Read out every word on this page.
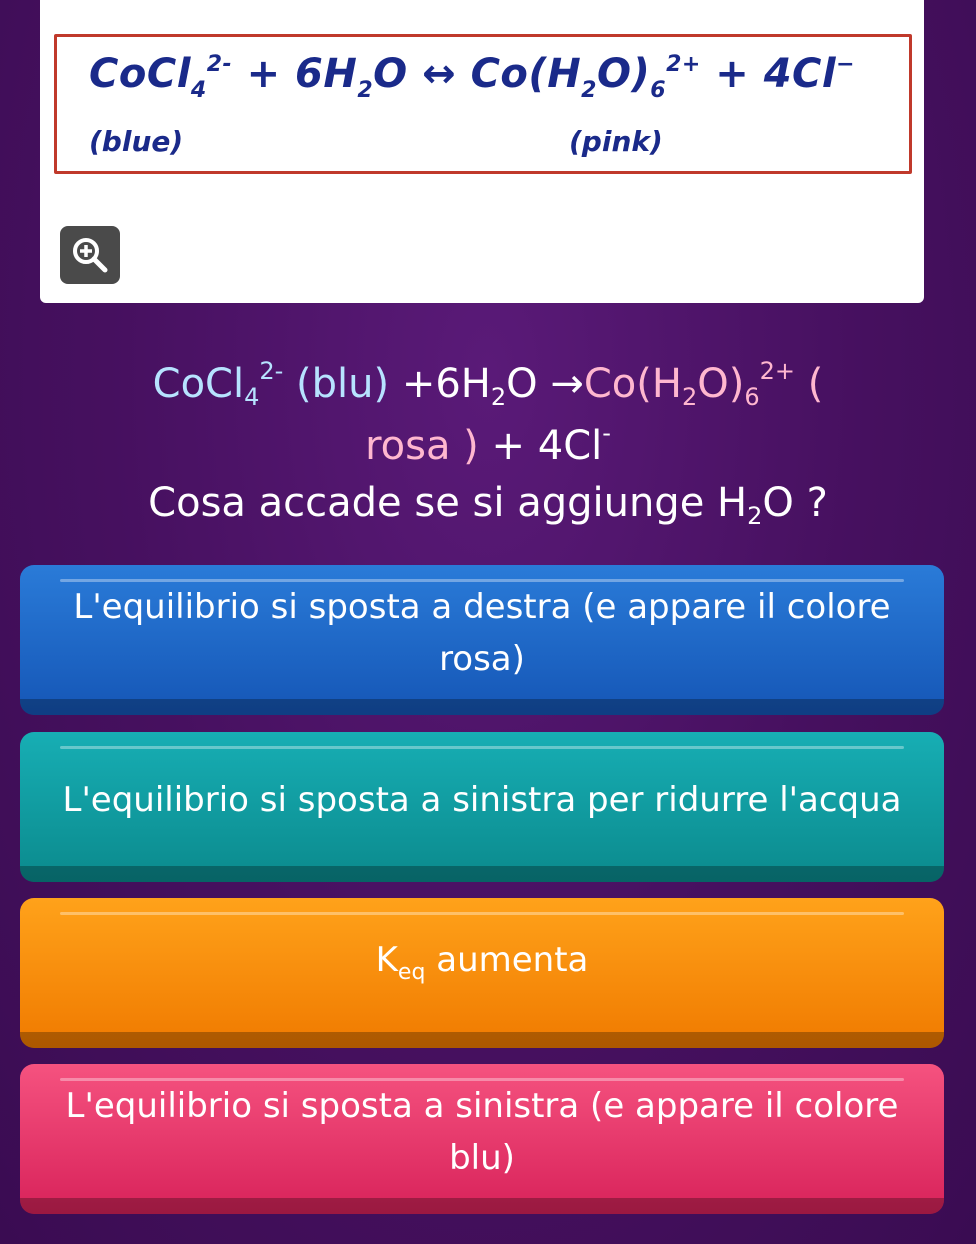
CoCl$_4^{2-}$ + $6H_2O$ ↔ $Co(H_2O)_6^{2+} + 4Cl^-$
(blue)	(pink)
CoCl$_4^{2-}$ $(blu) +6H_2O \to Co(H_2O)_6^{2+}$ (
rosa ) + 4Cl-
Cosa accade se si aggiunge $H_2O$ ?
L'equilibrio si sposta a destra (e appare il colore rosa)
L'equilibrio si sposta a sinistra per ridurre l'acqua
$K_{eq}$ aumenta
L'equilibrio si sposta a sinistra (e appare il colore blu)
